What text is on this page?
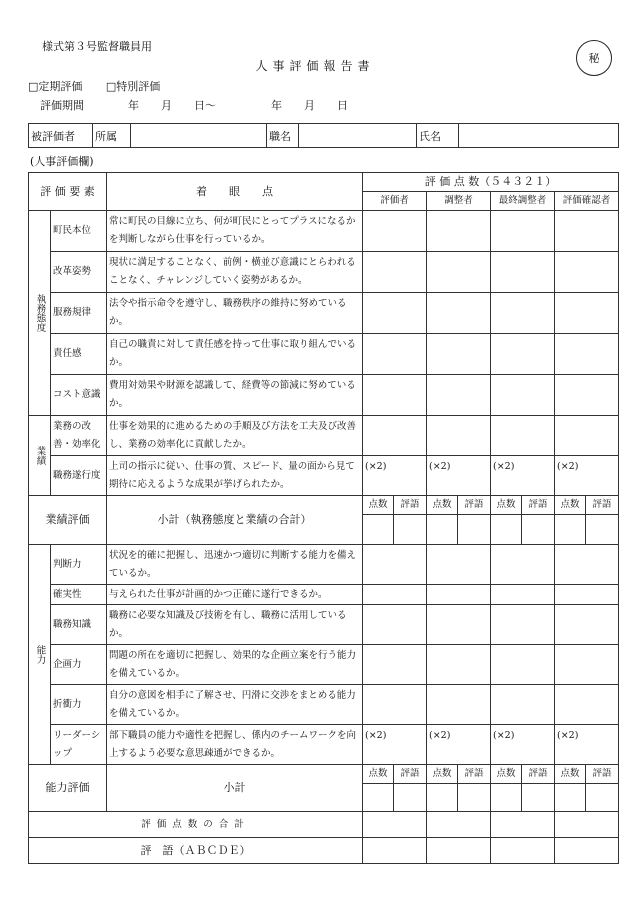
様式第３号監督職員用
秘
人事評価報告書
□定期評価 □特別評価
評価期間　　　　年　　月　　日〜　　　　　年　　月　　日
被評価者	所属		職名		氏名	
(人事評価欄)
評 価 要 素		着　　眼　　点	評 価 点 数（５４３２１）							
			評価者		調整者		最終調整者		評価確認者	
執務態度	町民本位	常に町民の目線に立ち、何が町民にとってプラスになるかを判断しながら仕事を行っているか。								
	改革姿勢	現状に満足することなく、前例・横並び意識にとらわれることなく、チャレンジしていく姿勢があるか。								
	服務規律	法令や指示命令を遵守し、職務秩序の維持に努めているか。								
	責任感	自己の職責に対して責任感を持って仕事に取り組んでいるか。								
	コスト意識	費用対効果や財源を認識して、経費等の節減に努めているか。								
業績	業務の改善・効率化	仕事を効果的に進めるための手順及び方法を工夫及び改善し、業務の効率化に貢献したか。								
	職務遂行度	上司の指示に従い、仕事の質、スピード、量の面から見て期待に応えるような成果が挙げられたか。	(×2)		(×2)		(×2)		(×2)	
業績評価		小計（執務態度と業績の合計）	点数	評語	点数	評語	点数	評語	点数	評語

能力	判断力	状況を的確に把握し、迅速かつ適切に判断する能力を備えているか。								
	確実性	与えられた仕事が計画的かつ正確に遂行できるか。								
	職務知識	職務に必要な知識及び技術を有し、職務に活用しているか。								
	企画力	問題の所在を適切に把握し、効果的な企画立案を行う能力を備えているか。								
	折衝力	自分の意図を相手に了解させ、円滑に交渉をまとめる能力を備えているか。								
	リーダーシップ	部下職員の能力や適性を把握し、係内のチームワークを向上するよう必要な意思疎通ができるか。	(×2)		(×2)		(×2)		(×2)	
能力評価		小計	点数	評語	点数	評語	点数	評語	点数	評語

評価点数の合計										
評　語（ＡＢＣＤＥ）										
